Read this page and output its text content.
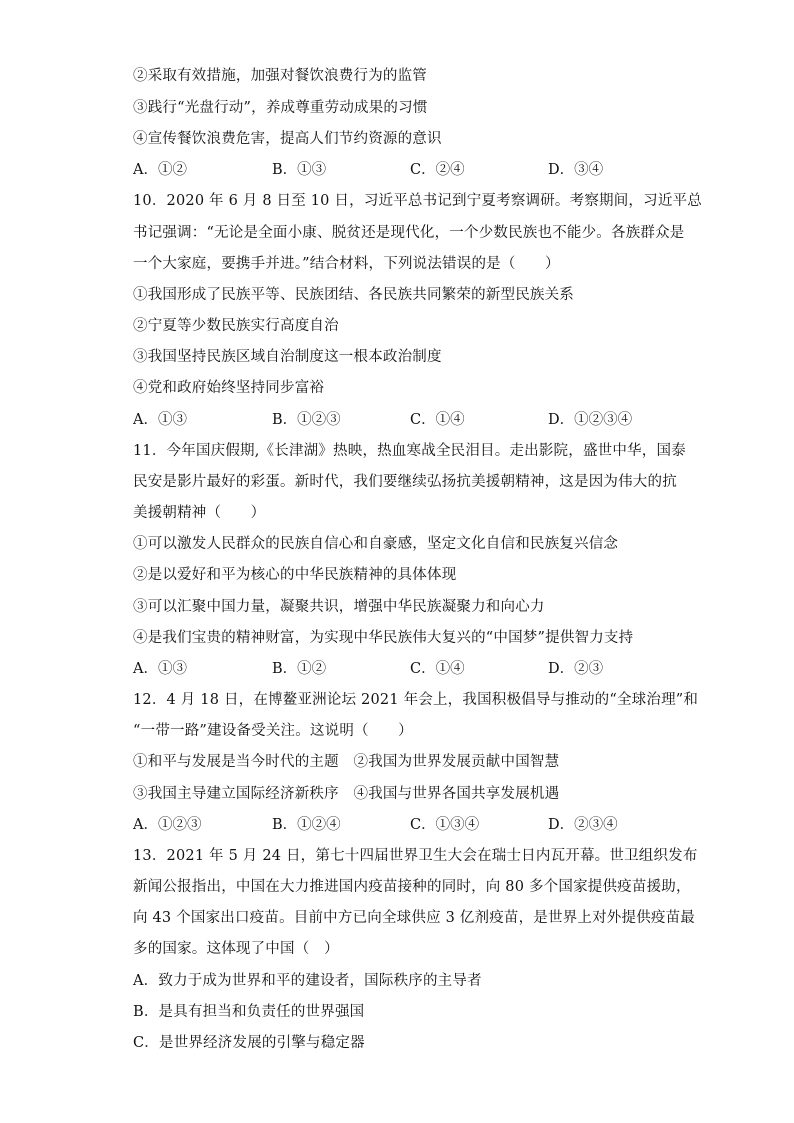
②采取有效措施，加强对餐饮浪费行为的监管
③践行“光盘行动”，养成尊重劳动成果的习惯
④宣传餐饮浪费危害，提高人们节约资源的意识
A．①②	B．①③	C．②④	D．③④
10．2020 年 6 月 8 日至 10 日，习近平总书记到宁夏考察调研。考察期间，习近平总
书记强调：“无论是全面小康、脱贫还是现代化，一个少数民族也不能少。各族群众是
一个大家庭，要携手并进。”结合材料，下列说法错误的是（　　）
①我国形成了民族平等、民族团结、各民族共同繁荣的新型民族关系
②宁夏等少数民族实行高度自治
③我国坚持民族区域自治制度这一根本政治制度
④党和政府始终坚持同步富裕
A．①③	B．①②③	C．①④	D．①②③④
11．今年国庆假期,《长津湖》热映，热血寒战全民泪目。走出影院，盛世中华，国泰
民安是影片最好的彩蛋。新时代，我们要继续弘扬抗美援朝精神，这是因为伟大的抗
美援朝精神（　　）
①可以激发人民群众的民族自信心和自豪感，坚定文化自信和民族复兴信念
②是以爱好和平为核心的中华民族精神的具体体现
③可以汇聚中国力量，凝聚共识，增强中华民族凝聚力和向心力
④是我们宝贵的精神财富，为实现中华民族伟大复兴的“中国梦”提供智力支持
A．①③	B．①②	C．①④	D．②③
12．4 月 18 日，在博鳌亚洲论坛 2021 年会上，我国积极倡导与推动的“全球治理”和
“一带一路”建设备受关注。这说明（　　）
①和平与发展是当今时代的主题　②我国为世界发展贡献中国智慧
③我国主导建立国际经济新秩序　④我国与世界各国共享发展机遇
A．①②③	B．①②④	C．①③④	D．②③④
13．2021 年 5 月 24 日，第七十四届世界卫生大会在瑞士日内瓦开幕。世卫组织发布
新闻公报指出，中国在大力推进国内疫苗接种的同时，向 80 多个国家提供疫苗援助，
向 43 个国家出口疫苗。目前中方已向全球供应 3 亿剂疫苗，是世界上对外提供疫苗最
多的国家。这体现了中国（　）
A．致力于成为世界和平的建设者，国际秩序的主导者
B．是具有担当和负责任的世界强国
C．是世界经济发展的引擎与稳定器
